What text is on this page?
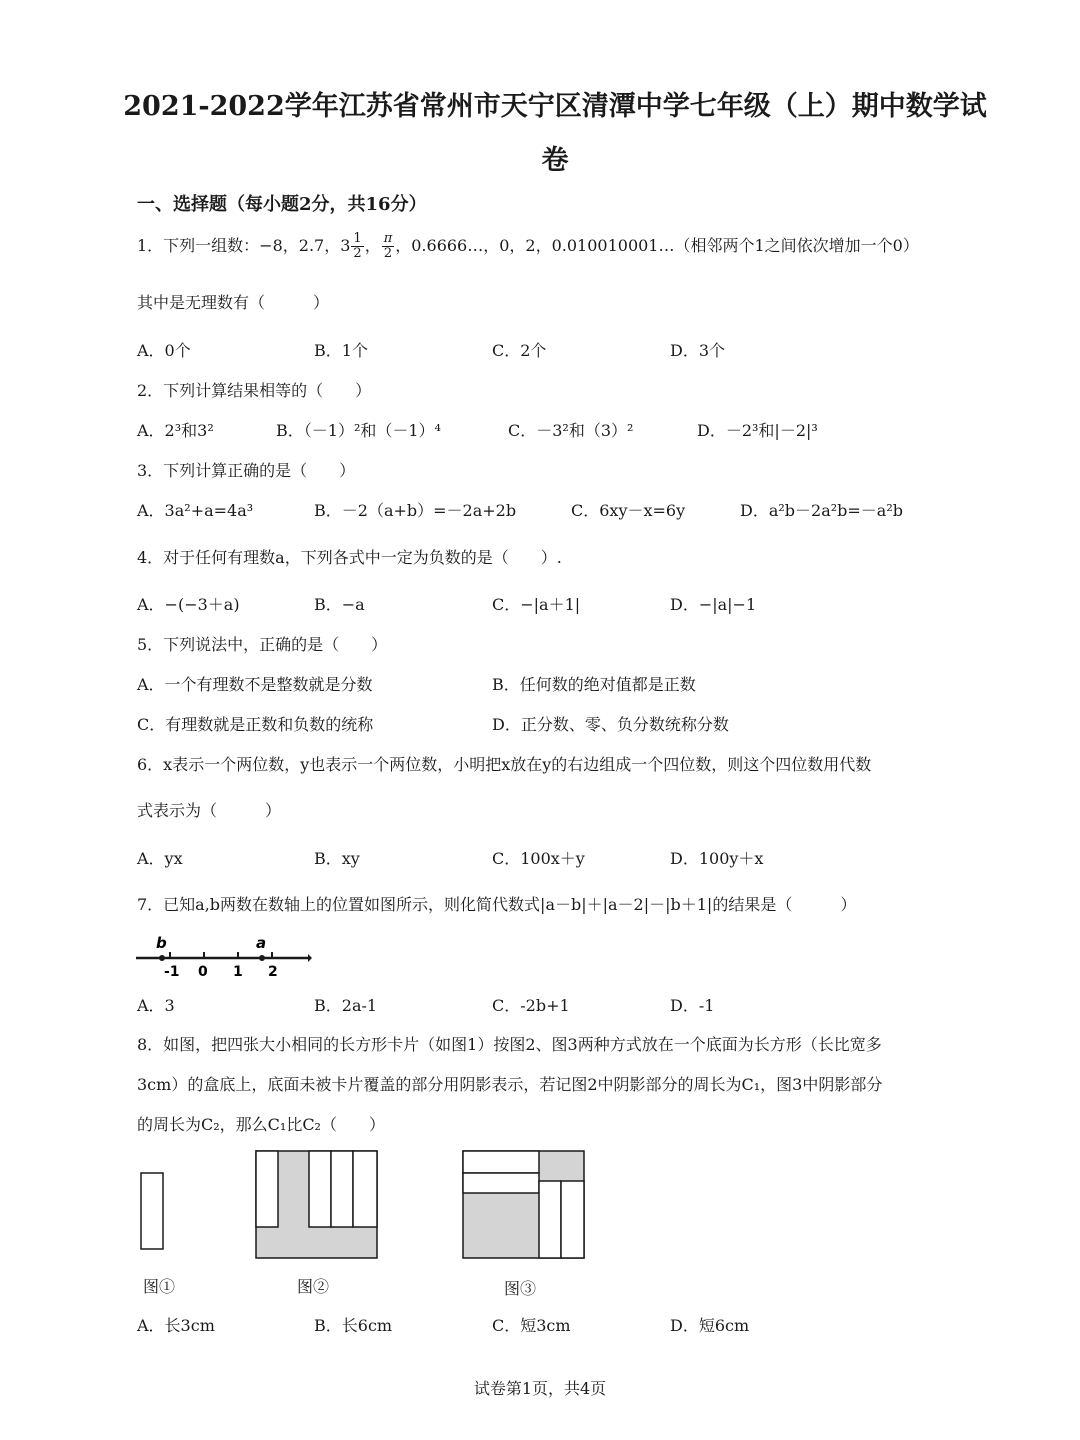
2021-2022学年江苏省常州市天宁区清潭中学七年级（上）期中数学试
卷
一、选择题（每小题2分，共16分）
1．下列一组数：−8，2.7，$3 \frac{1}{2}$ ， $\frac{\pi}{2}$ ，0.6666…，0，2，0.010010001…（相邻两个1之间依次增加一个0）
其中是无理数有（　　　）
A．0个	B．1个	C．2个	D．3个
2．下列计算结果相等的（　　）
A．2³和3²	B．（－1）²和（－1）⁴	C．－3²和（3）²	D．－2³和|－2|³
3．下列计算正确的是（　　）
A．3a²+a=4a³	B．－2（a+b）=－2a+2b	C．6xy－x=6y	D．a²b－2a²b=－a²b
4．对于任何有理数a，下列各式中一定为负数的是（　　）.
A．−(−3＋a)	B．−a	C．−|a＋1|	D．−|a|−1
5．下列说法中，正确的是（　　）
A．一个有理数不是整数就是分数	B．任何数的绝对值都是正数
C．有理数就是正数和负数的统称	D．正分数、零、负分数统称分数
6．x表示一个两位数，y也表示一个两位数，小明把x放在y的右边组成一个四位数，则这个四位数用代数
式表示为（　　　）
A．yx	B．xy	C．100x＋y	D．100y＋x
7．已知a,b两数在数轴上的位置如图所示，则化简代数式|a－b|＋|a－2|－|b＋1|的结果是（　　　）
b	a
-1 0 1 2
A．3	B．2a-1	C．-2b+1	D．-1
8．如图，把四张大小相同的长方形卡片（如图1）按图2、图3两种方式放在一个底面为长方形（长比宽多
3cm）的盒底上，底面未被卡片覆盖的部分用阴影表示，若记图2中阴影部分的周长为C₁，图3中阴影部分
的周长为C₂，那么C₁比C₂（　　）
图①	图②	图③
A．长3cm	B．长6cm	C．短3cm	D．短6cm
试卷第1页，共4页
